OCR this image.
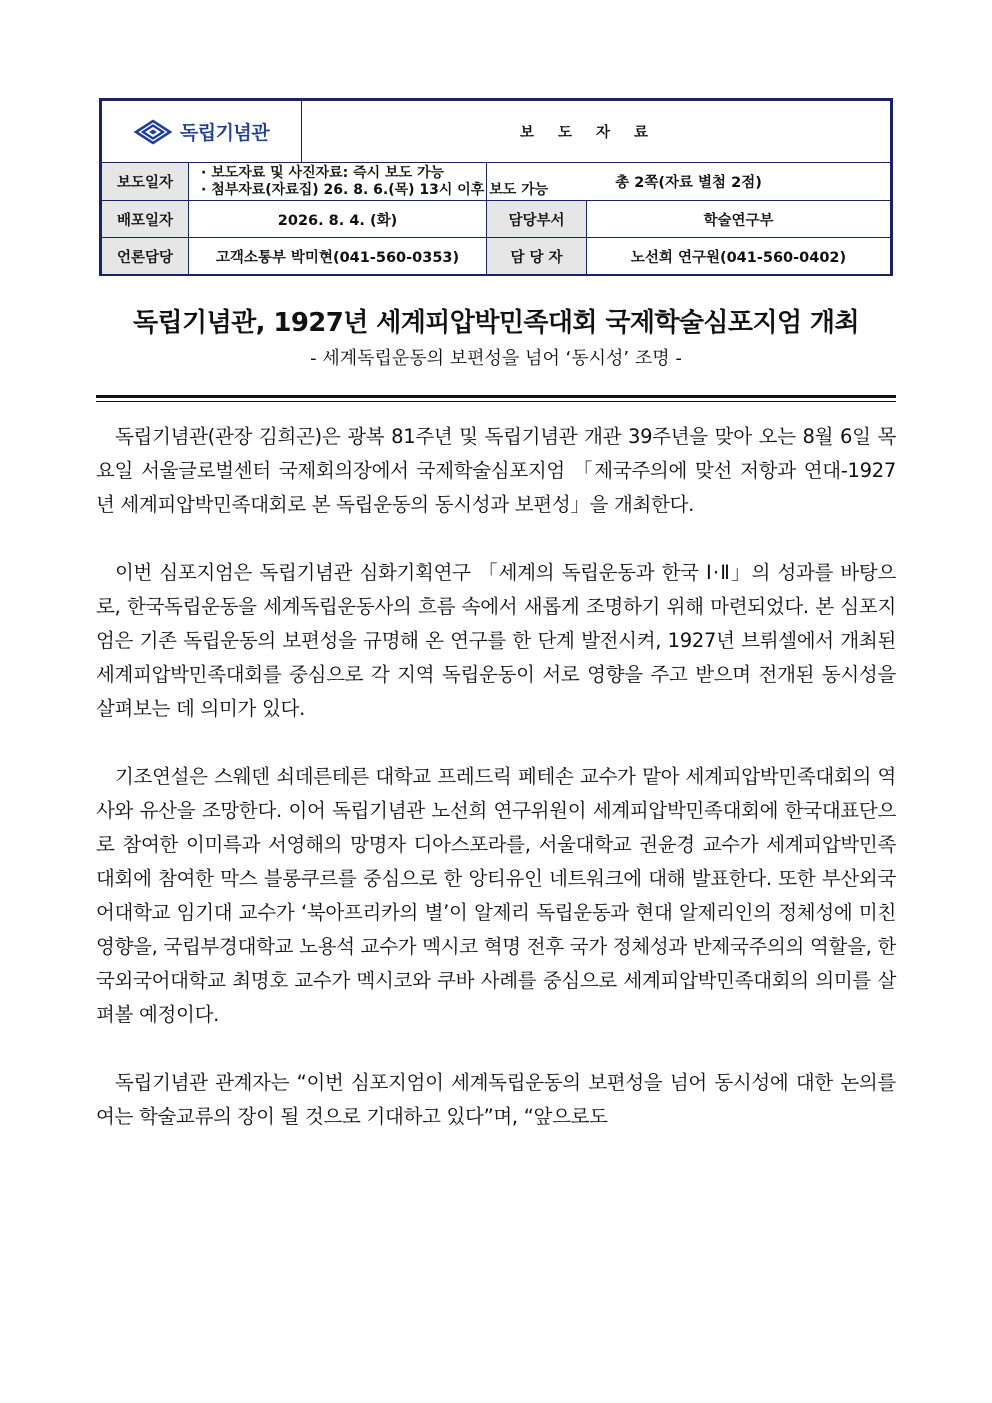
독립기념관		보도자료		
보도일자	· 보도자료 및 사진자료: 즉시 보도 가능
· 첨부자료(자료집) 26. 8. 6.(목) 13시 이후 보도 가능		총 2쪽(자료 별첨 2점)	
배포일자	2026. 8. 4. (화)		담당부서	학술연구부
언론담당	고객소통부 박미현(041-560-0353)		담 당 자	노선희 연구원(041-560-0402)
독립기념관, 1927년 세계피압박민족대회 국제학술심포지엄 개최

- 세계독립운동의 보편성을 넘어 ‘동시성’ 조명 -

독립기념관(관장 김희곤)은 광복 81주년 및 독립기념관 개관 39주년을 맞아 오는 8월 6일 목요일 서울글로벌센터 국제회의장에서 국제학술심포지엄 「제국주의에 맞선 저항과 연대-1927년 세계피압박민족대회로 본 독립운동의 동시성과 보편성」을 개최한다.

이번 심포지엄은 독립기념관 심화기획연구 「세계의 독립운동과 한국 Ⅰ·Ⅱ」의 성과를 바탕으로, 한국독립운동을 세계독립운동사의 흐름 속에서 새롭게 조명하기 위해 마련되었다. 본 심포지엄은 기존 독립운동의 보편성을 규명해 온 연구를 한 단계 발전시켜, 1927년 브뤼셀에서 개최된 세계피압박민족대회를 중심으로 각 지역 독립운동이 서로 영향을 주고 받으며 전개된 동시성을 살펴보는 데 의미가 있다.

기조연설은 스웨덴 쇠데른테른 대학교 프레드릭 페테손 교수가 맡아 세계피압박민족대회의 역사와 유산을 조망한다. 이어 독립기념관 노선희 연구위원이 세계피압박민족대회에 한국대표단으로 참여한 이미륵과 서영해의 망명자 디아스포라를, 서울대학교 권윤경 교수가 세계피압박민족대회에 참여한 막스 블롱쿠르를 중심으로 한 앙티유인 네트워크에 대해 발표한다. 또한 부산외국어대학교 임기대 교수가 ‘북아프리카의 별’이 알제리 독립운동과 현대 알제리인의 정체성에 미친 영향을, 국립부경대학교 노용석 교수가 멕시코 혁명 전후 국가 정체성과 반제국주의의 역할을, 한국외국어대학교 최명호 교수가 멕시코와 쿠바 사례를 중심으로 세계피압박민족대회의 의미를 살펴볼 예정이다.

독립기념관 관계자는 “이번 심포지엄이 세계독립운동의 보편성을 넘어 동시성에 대한 논의를 여는 학술교류의 장이 될 것으로 기대하고 있다”며, “앞으로도
